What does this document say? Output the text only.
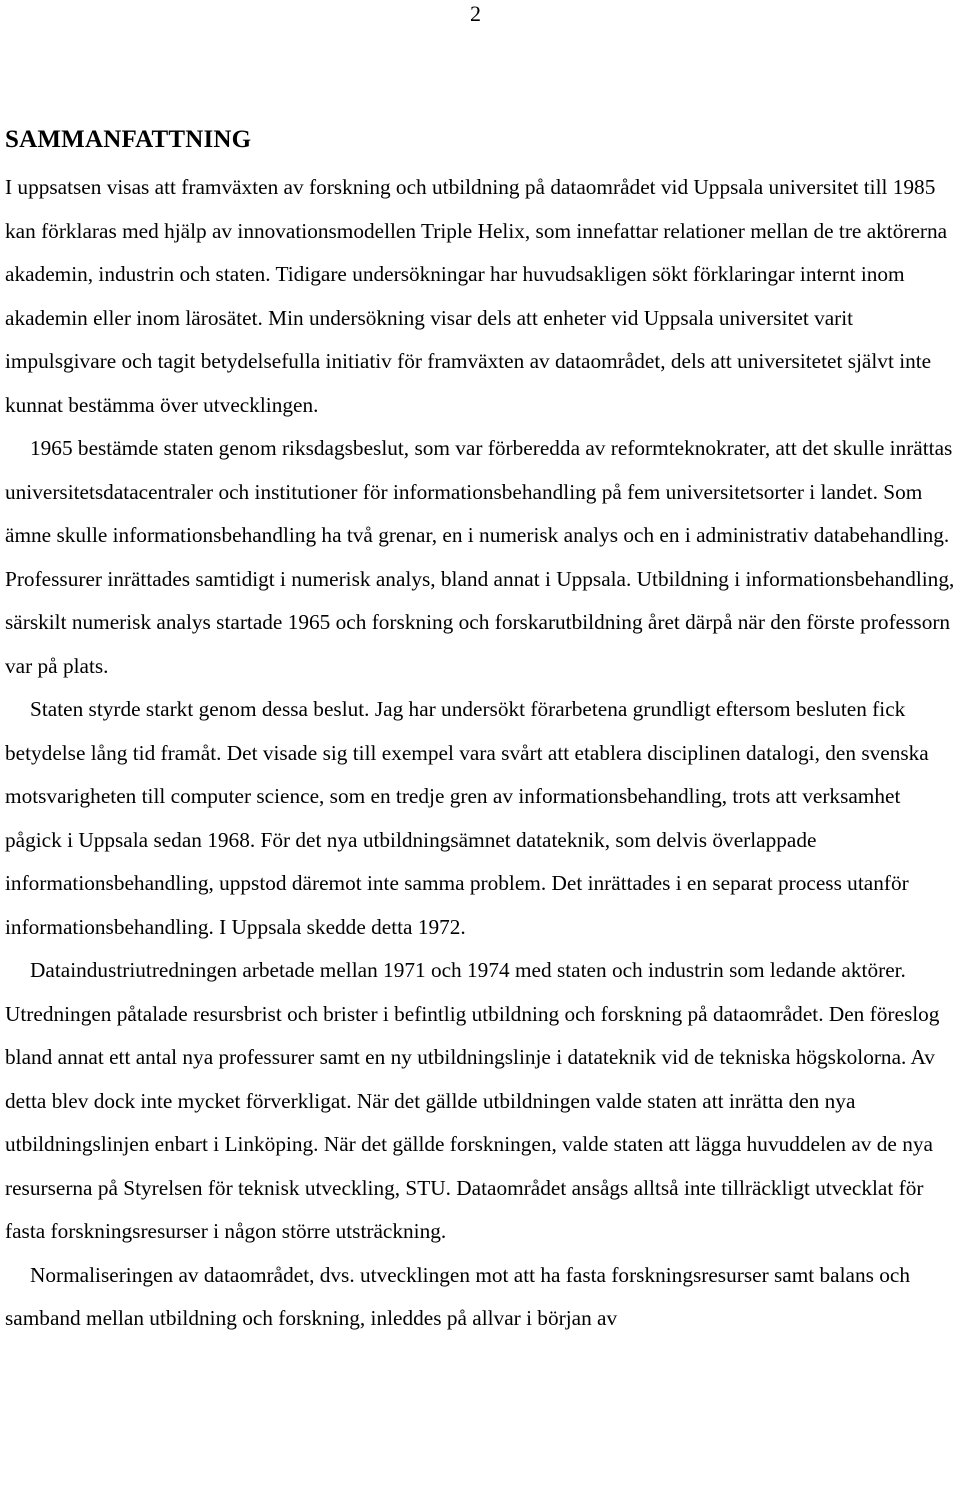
2
SAMMANFATTNING

I uppsatsen visas att framväxten av forskning och utbildning på dataområdet vid Uppsala universitet till 1985 kan förklaras med hjälp av innovationsmodellen Triple Helix, som innefattar relationer mellan de tre aktörerna akademin, industrin och staten. Tidigare undersökningar har huvudsakligen sökt förklaringar internt inom akademin eller inom lärosätet. Min undersökning visar dels att enheter vid Uppsala universitet varit impulsgivare och tagit betydelsefulla initiativ för framväxten av dataområdet, dels att universitetet självt inte kunnat bestämma över utvecklingen.

1965 bestämde staten genom riksdagsbeslut, som var förberedda av reformteknokrater, att det skulle inrättas universitetsdatacentraler och institutioner för informationsbehandling på fem universitetsorter i landet. Som ämne skulle informationsbehandling ha två grenar, en i numerisk analys och en i administrativ databehandling. Professurer inrättades samtidigt i numerisk analys, bland annat i Uppsala. Utbildning i informationsbehandling, särskilt numerisk analys startade 1965 och forskning och forskarutbildning året därpå när den förste professorn var på plats.

Staten styrde starkt genom dessa beslut. Jag har undersökt förarbetena grundligt eftersom besluten fick betydelse lång tid framåt. Det visade sig till exempel vara svårt att etablera disciplinen datalogi, den svenska motsvarigheten till computer science, som en tredje gren av informationsbehandling, trots att verksamhet pågick i Uppsala sedan 1968. För det nya utbildningsämnet datateknik, som delvis överlappade informationsbehandling, uppstod däremot inte samma problem. Det inrättades i en separat process utanför informationsbehandling. I Uppsala skedde detta 1972.

Dataindustriutredningen arbetade mellan 1971 och 1974 med staten och industrin som ledande aktörer. Utredningen påtalade resursbrist och brister i befintlig utbildning och forskning på dataområdet. Den föreslog bland annat ett antal nya professurer samt en ny utbildningslinje i datateknik vid de tekniska högskolorna. Av detta blev dock inte mycket förverkligat. När det gällde utbildningen valde staten att inrätta den nya utbildningslinjen enbart i Linköping. När det gällde forskningen, valde staten att lägga huvuddelen av de nya resurserna på Styrelsen för teknisk utveckling, STU. Dataområdet ansågs alltså inte tillräckligt utvecklat för fasta forskningsresurser i någon större utsträckning.

Normaliseringen av dataområdet, dvs. utvecklingen mot att ha fasta forskningsresurser samt balans och samband mellan utbildning och forskning, inleddes på allvar i början av
